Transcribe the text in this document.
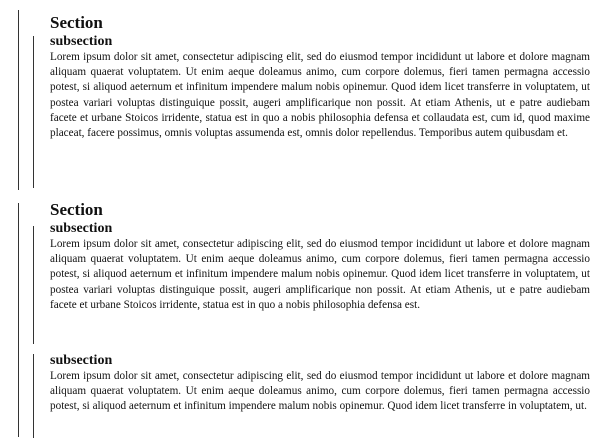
Section
subsection

Lorem ipsum dolor sit amet, consectetur adipiscing elit, sed do eiusmod tempor incididunt ut labore et dolore magnam aliquam quaerat voluptatem. Ut enim aeque doleamus animo, cum corpore dolemus, fieri tamen permagna accessio potest, si aliquod aeternum et infinitum impendere malum nobis opinemur. Quod idem licet transferre in voluptatem, ut postea variari voluptas distinguique possit, augeri amplificarique non possit. At etiam Athenis, ut e patre audiebam facete et urbane Stoicos irridente, statua est in quo a nobis philosophia defensa et collaudata est, cum id, quod maxime placeat, facere possimus, omnis voluptas assumenda est, omnis dolor repellendus. Temporibus autem quibusdam et.

Section
subsection

Lorem ipsum dolor sit amet, consectetur adipiscing elit, sed do eiusmod tempor incididunt ut labore et dolore magnam aliquam quaerat voluptatem. Ut enim aeque doleamus animo, cum corpore dolemus, fieri tamen permagna accessio potest, si aliquod aeternum et infinitum impendere malum nobis opinemur. Quod idem licet transferre in voluptatem, ut postea variari voluptas distinguique possit, augeri amplificarique non possit. At etiam Athenis, ut e patre audiebam facete et urbane Stoicos irridente, statua est in quo a nobis philosophia defensa est.

subsection

Lorem ipsum dolor sit amet, consectetur adipiscing elit, sed do eiusmod tempor incididunt ut labore et dolore magnam aliquam quaerat voluptatem. Ut enim aeque doleamus animo, cum corpore dolemus, fieri tamen permagna accessio potest, si aliquod aeternum et infinitum impendere malum nobis opinemur. Quod idem licet transferre in voluptatem, ut.
